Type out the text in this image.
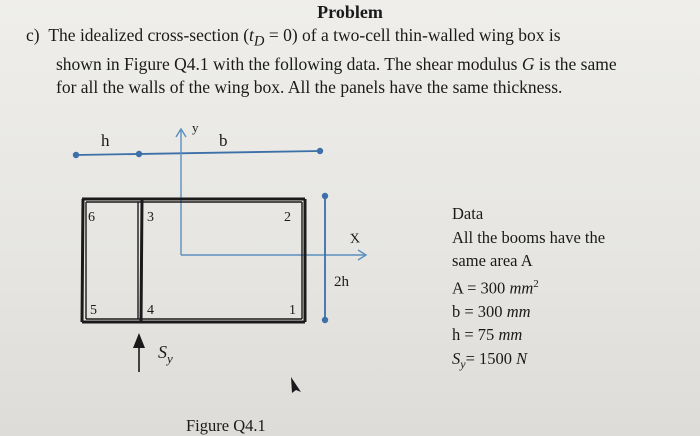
Problem
c) The idealized cross-section $(t_D = 0)$ of a two-cell thin-walled wing box is
shown in Figure Q4.1 with the following data. The shear modulus G is the same
for all the walls of the wing box. All the panels have the same thickness.
h	b
y
X
2h
6	3	2
5	4	1
$S_y$
Figure Q4.1
Data
All the booms have the
same area A
A = 300 $mm^2$
b = 300 mm
h = 75 mm
$S_y= 1500$ N
